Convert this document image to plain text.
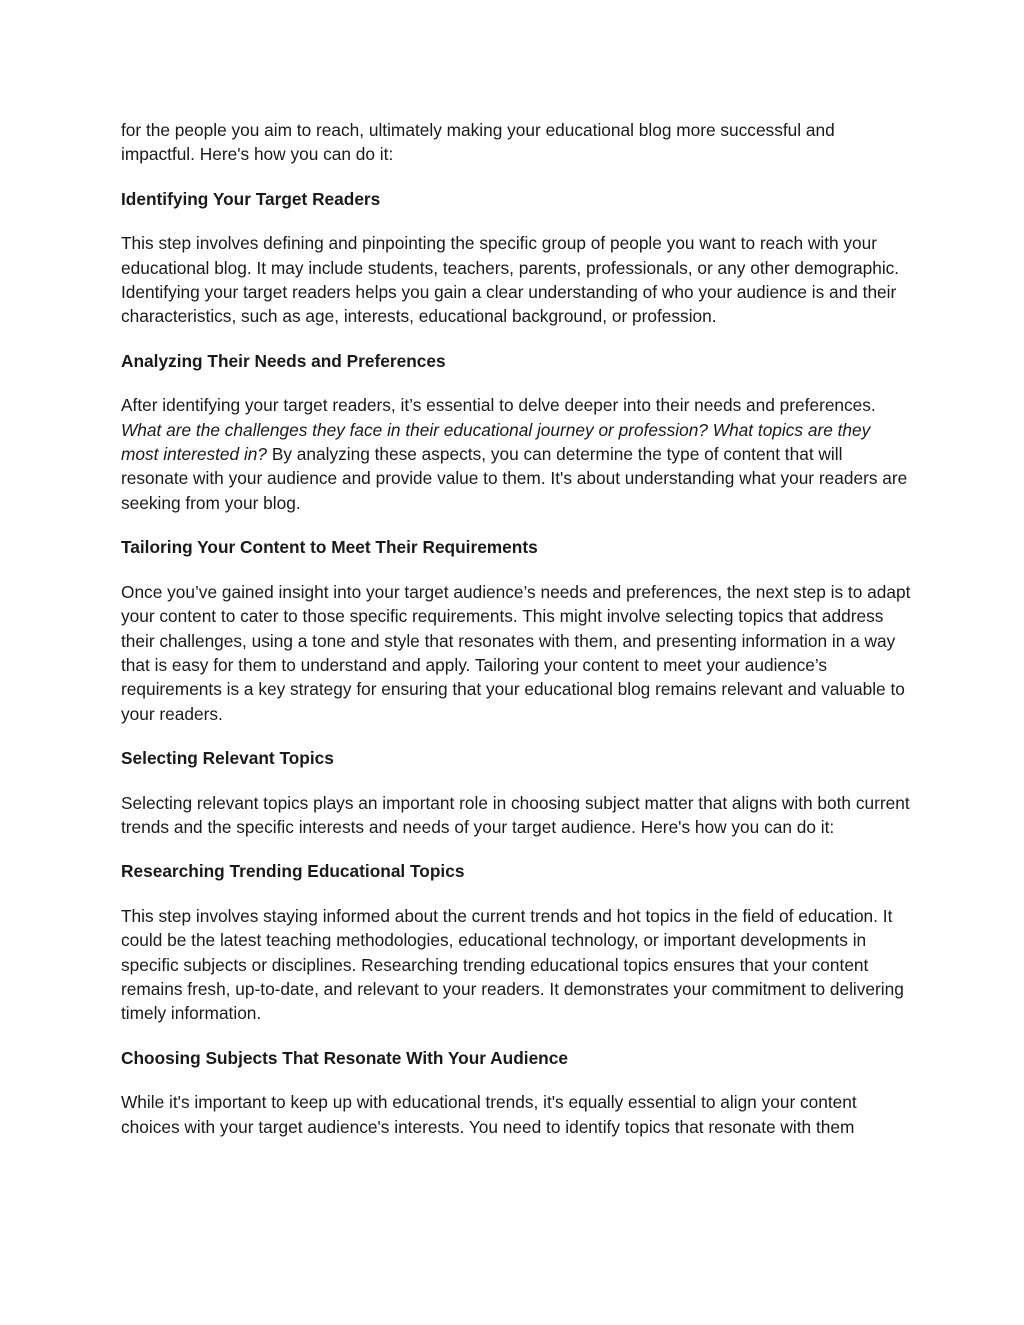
for the people you aim to reach, ultimately making your educational blog more successful and impactful. Here's how you can do it:

Identifying Your Target Readers

This step involves defining and pinpointing the specific group of people you want to reach with your educational blog. It may include students, teachers, parents, professionals, or any other demographic. Identifying your target readers helps you gain a clear understanding of who your audience is and their characteristics, such as age, interests, educational background, or profession.

Analyzing Their Needs and Preferences

After identifying your target readers, it’s essential to delve deeper into their needs and preferences. What are the challenges they face in their educational journey or profession? What topics are they most interested in? By analyzing these aspects, you can determine the type of content that will resonate with your audience and provide value to them. It's about understanding what your readers are seeking from your blog.

Tailoring Your Content to Meet Their Requirements

Once you’ve gained insight into your target audience’s needs and preferences, the next step is to adapt your content to cater to those specific requirements. This might involve selecting topics that address their challenges, using a tone and style that resonates with them, and presenting information in a way that is easy for them to understand and apply. Tailoring your content to meet your audience’s requirements is a key strategy for ensuring that your educational blog remains relevant and valuable to your readers.

Selecting Relevant Topics

Selecting relevant topics plays an important role in choosing subject matter that aligns with both current trends and the specific interests and needs of your target audience. Here's how you can do it:

Researching Trending Educational Topics

This step involves staying informed about the current trends and hot topics in the field of education. It could be the latest teaching methodologies, educational technology, or important developments in specific subjects or disciplines. Researching trending educational topics ensures that your content remains fresh, up-to-date, and relevant to your readers. It demonstrates your commitment to delivering timely information.

Choosing Subjects That Resonate With Your Audience

While it's important to keep up with educational trends, it's equally essential to align your content choices with your target audience's interests. You need to identify topics that resonate with them
